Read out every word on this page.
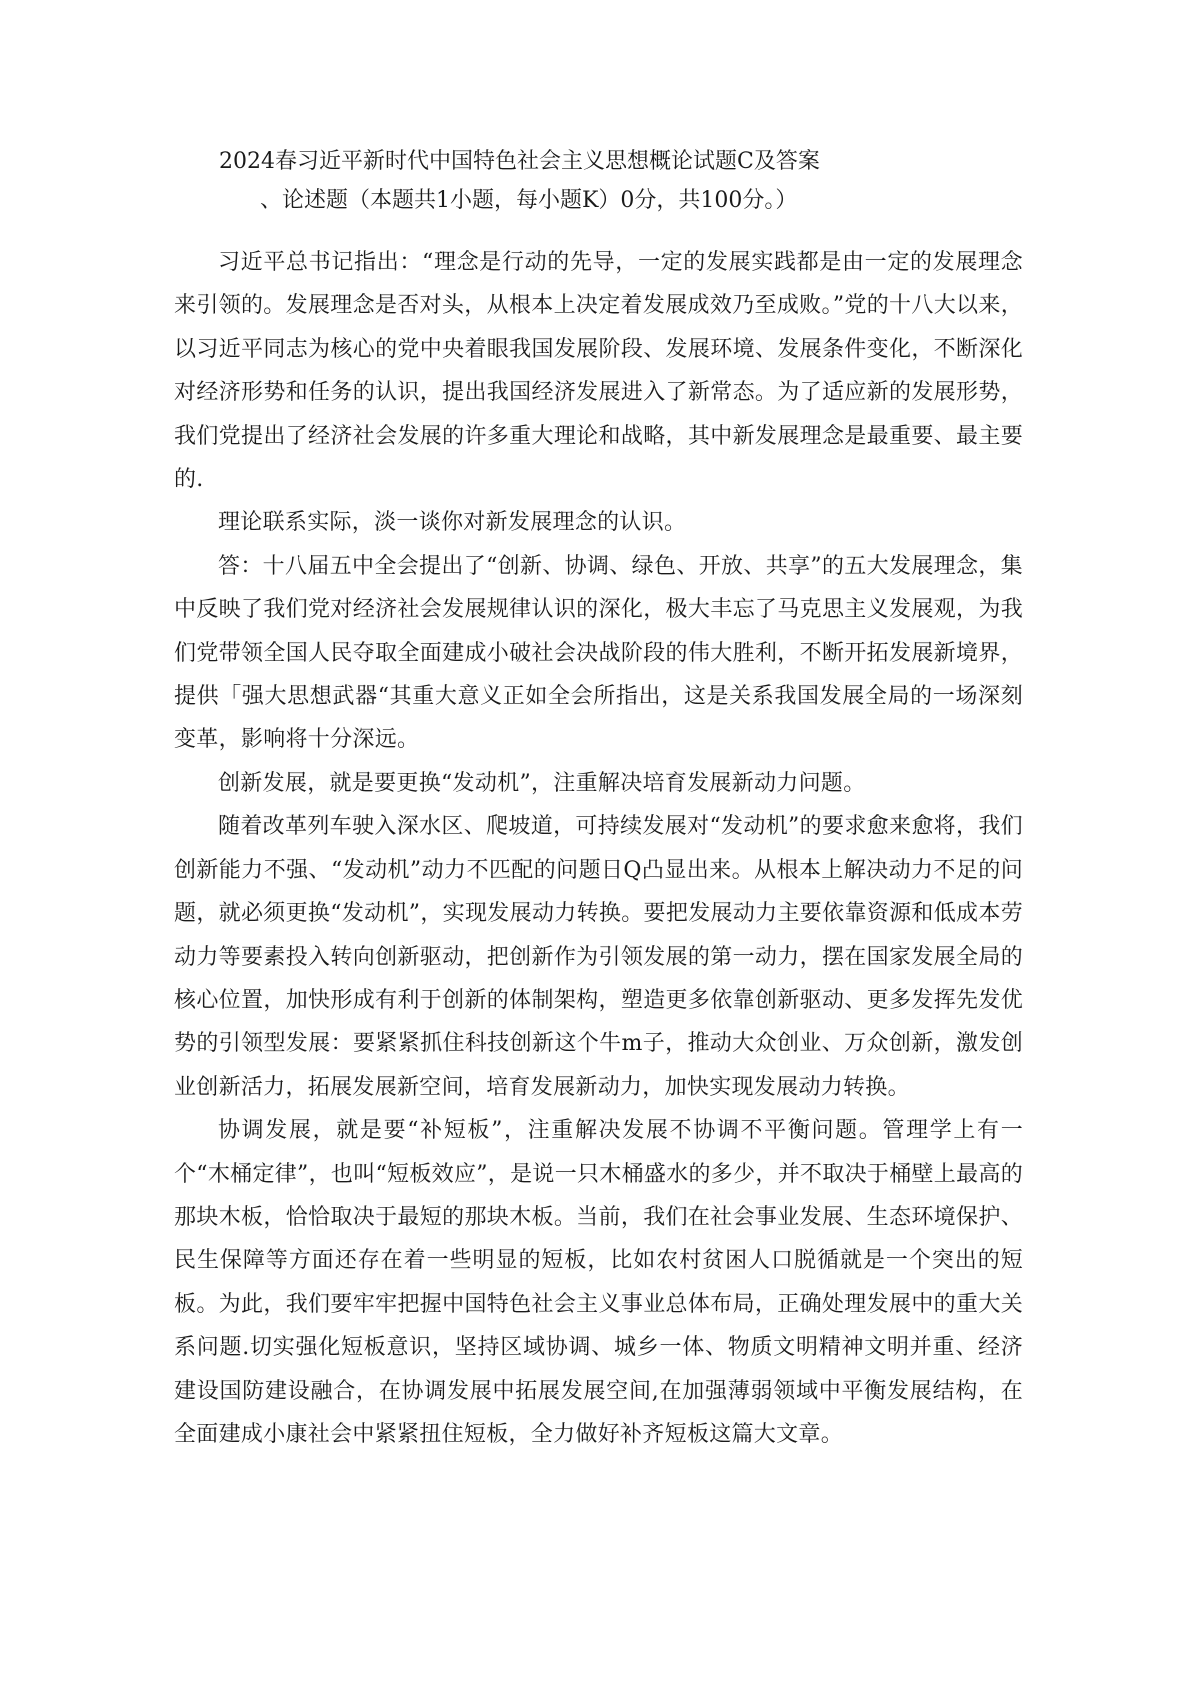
2024春习近平新时代中国特色社会主义思想概论试题C及答案
、论述题（本题共1小题，每小题K）0分，共100分。）

习近平总书记指出：“理念是行动的先导，一定的发展实践都是由一定的发展理念来引领的。发展理念是否对头，从根本上决定着发展成效乃至成败。”党的十八大以来，以习近平同志为核心的党中央着眼我国发展阶段、发展环境、发展条件变化，不断深化对经济形势和任务的认识，提出我国经济发展进入了新常态。为了适应新的发展形势，我们党提出了经济社会发展的许多重大理论和战略，其中新发展理念是最重要、最主要的.

理论联系实际，淡一谈你对新发展理念的认识。

答：十八届五中全会提出了“创新、协调、绿色、开放、共享”的五大发展理念，集中反映了我们党对经济社会发展规律认识的深化，极大丰忘了马克思主义发展观，为我们党带领全国人民夺取全面建成小破社会决战阶段的伟大胜利，不断开拓发展新境界，提供「强大思想武器“其重大意义正如全会所指出，这是关系我国发展全局的一场深刻变革，影响将十分深远。

创新发展，就是要更换“发动机”，注重解决培育发展新动力问题。

随着改革列车驶入深水区、爬坡道，可持续发展对“发动机”的要求愈来愈将，我们创新能力不强、“发动机”动力不匹配的问题日Q凸显出来。从根本上解决动力不足的问题，就必须更换“发动机”，实现发展动力转换。要把发展动力主要依靠资源和低成本劳动力等要素投入转向创新驱动，把创新作为引领发展的第一动力，摆在国家发展全局的核心位置，加快形成有利于创新的体制架构，塑造更多依靠创新驱动、更多发挥先发优势的引领型发展：要紧紧抓住科技创新这个牛m子，推动大众创业、万众创新，激发创业创新活力，拓展发展新空间，培育发展新动力，加快实现发展动力转换。

协调发展，就是要“补短板”，注重解决发展不协调不平衡问题。管理学上有一个“木桶定律”，也叫“短板效应”，是说一只木桶盛水的多少，并不取决于桶壁上最高的那块木板，恰恰取决于最短的那块木板。当前，我们在社会事业发展、生态环境保护、民生保障等方面还存在着一些明显的短板，比如农村贫困人口脱循就是一个突出的短板。为此，我们要牢牢把握中国特色社会主义事业总体布局，正确处理发展中的重大关系问题.切实强化短板意识，坚持区域协调、城乡一体、物质文明精神文明并重、经济建设国防建设融合，在协调发展中拓展发展空间,在加强薄弱领域中平衡发展结构，在全面建成小康社会中紧紧扭住短板，全力做好补齐短板这篇大文章。
